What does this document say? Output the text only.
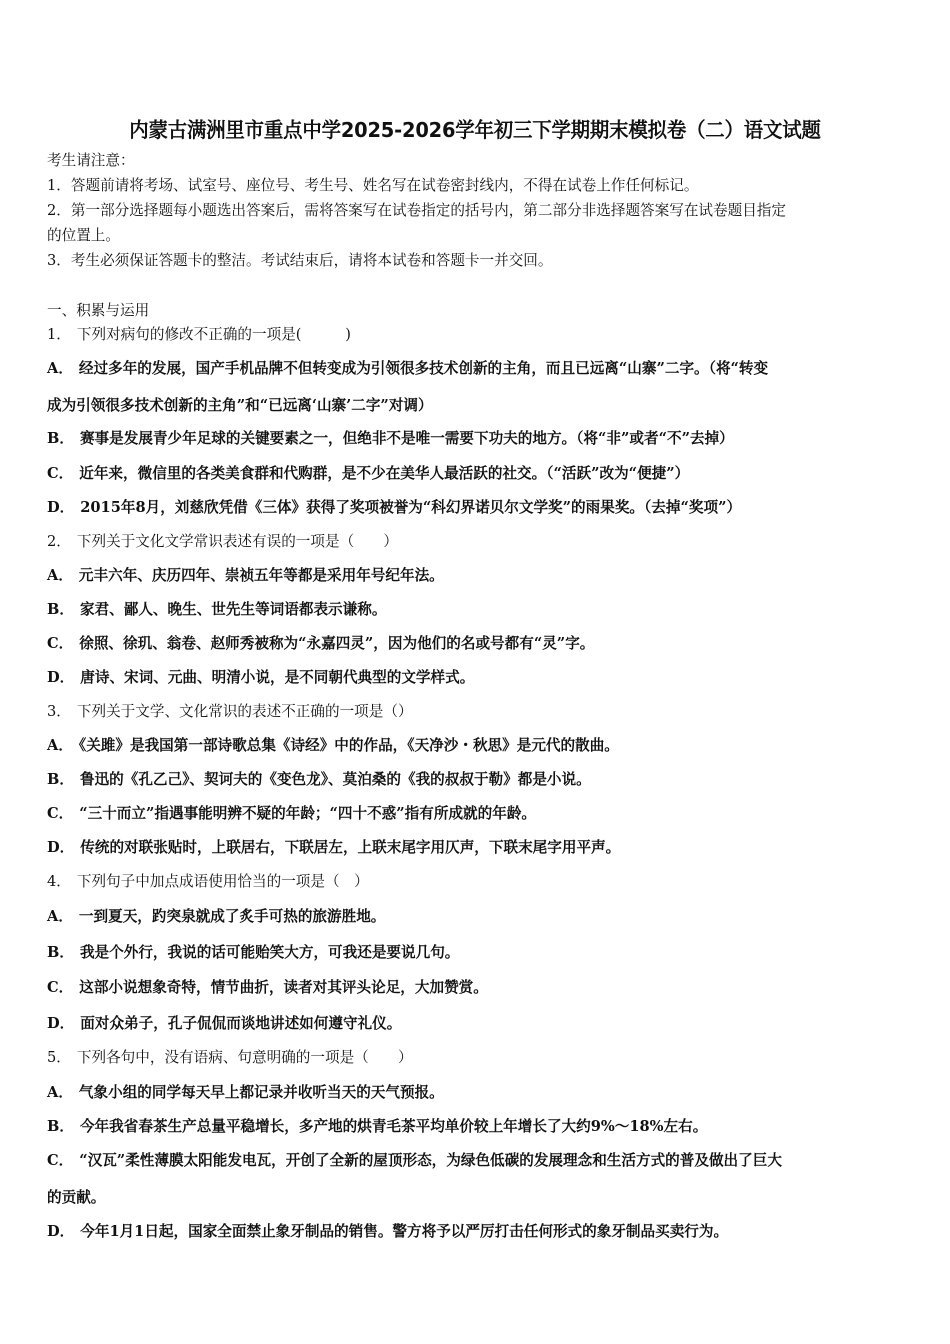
内蒙古满洲里市重点中学2025-2026学年初三下学期期末模拟卷（二）语文试题
考生请注意：
1．答题前请将考场、试室号、座位号、考生号、姓名写在试卷密封线内，不得在试卷上作任何标记。
2．第一部分选择题每小题选出答案后，需将答案写在试卷指定的括号内，第二部分非选择题答案写在试卷题目指定
的位置上。
3．考生必须保证答题卡的整洁。考试结束后，请将本试卷和答题卡一并交回。
一、积累与运用
1． 下列对病句的修改不正确的一项是(　　　)
A． 经过多年的发展，国产手机品牌不但转变成为引领很多技术创新的主角，而且已远离“山寨”二字。（将“转变
成为引领很多技术创新的主角”和“已远离‘山寨’二字”对调）
B． 赛事是发展青少年足球的关键要素之一，但绝非不是唯一需要下功夫的地方。（将“非”或者“不”去掉）
C． 近年来，微信里的各类美食群和代购群，是不少在美华人最活跃的社交。（“活跃”改为“便捷”）
D． 2015年8月，刘慈欣凭借《三体》获得了奖项被誉为“科幻界诺贝尔文学奖”的雨果奖。（去掉“奖项”）
2． 下列关于文化文学常识表述有误的一项是（　　）
A． 元丰六年、庆历四年、崇祯五年等都是采用年号纪年法。
B． 家君、鄙人、晚生、世先生等词语都表示谦称。
C． 徐照、徐玑、翁卷、赵师秀被称为“永嘉四灵”，因为他们的名或号都有“灵”字。
D． 唐诗、宋词、元曲、明清小说，是不同朝代典型的文学样式。
3． 下列关于文学、文化常识的表述不正确的一项是（）
A． 《关雎》是我国第一部诗歌总集《诗经》中的作品，《天净沙・秋思》是元代的散曲。
B． 鲁迅的《孔乙己》、契诃夫的《变色龙》、莫泊桑的《我的叔叔于勒》都是小说。
C． “三十而立”指遇事能明辨不疑的年龄；“四十不惑”指有所成就的年龄。
D． 传统的对联张贴时，上联居右，下联居左，上联末尾字用仄声，下联末尾字用平声。
4． 下列句子中加点成语使用恰当的一项是（　）
A． 一到夏天，趵突泉就成了炙手可热的旅游胜地。
B． 我是个外行，我说的话可能贻笑大方，可我还是要说几句。
C． 这部小说想象奇特，情节曲折，读者对其评头论足，大加赞赏。
D． 面对众弟子，孔子侃侃而谈地讲述如何遵守礼仪。
5． 下列各句中，没有语病、句意明确的一项是（　　）
A． 气象小组的同学每天早上都记录并收听当天的天气预报。
B． 今年我省春茶生产总量平稳增长，多产地的烘青毛茶平均单价较上年增长了大约9%～18%左右。
C． “汉瓦”柔性薄膜太阳能发电瓦，开创了全新的屋顶形态，为绿色低碳的发展理念和生活方式的普及做出了巨大
的贡献。
D． 今年1月1日起，国家全面禁止象牙制品的销售。警方将予以严厉打击任何形式的象牙制品买卖行为。
